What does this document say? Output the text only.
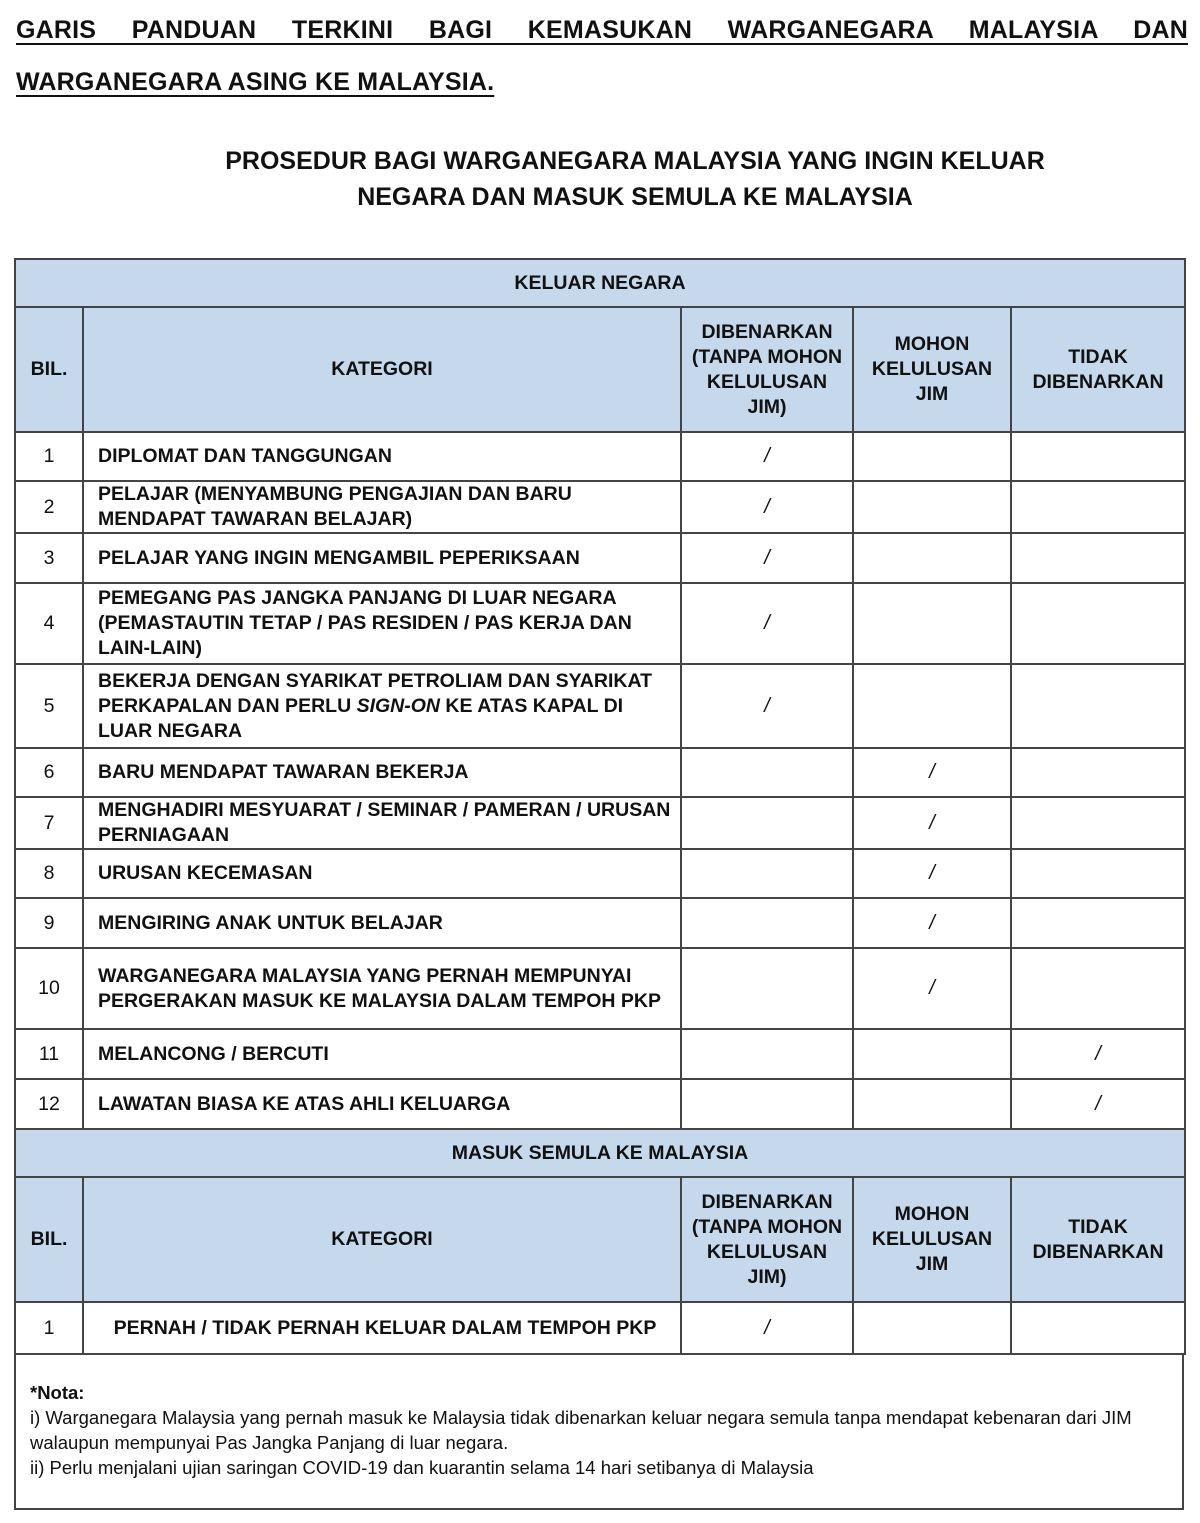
GARIS PANDUAN TERKINI BAGI KEMASUKAN WARGANEGARA MALAYSIA DAN
WARGANEGARA ASING KE MALAYSIA.
PROSEDUR BAGI WARGANEGARA MALAYSIA YANG INGIN KELUAR
NEGARA DAN MASUK SEMULA KE MALAYSIA
KELUAR NEGARA				
BIL.	KATEGORI	DIBENARKAN (TANPA MOHON KELULUSAN JIM)	MOHON KELULUSAN JIM	TIDAK DIBENARKAN
1	DIPLOMAT DAN TANGGUNGAN	/		
2	PELAJAR (MENYAMBUNG PENGAJIAN DAN BARU MENDAPAT TAWARAN BELAJAR)	/		
3	PELAJAR YANG INGIN MENGAMBIL PEPERIKSAAN	/		
4	PEMEGANG PAS JANGKA PANJANG DI LUAR NEGARA (PEMASTAUTIN TETAP / PAS RESIDEN / PAS KERJA DAN LAIN-LAIN)	/		
5	BEKERJA DENGAN SYARIKAT PETROLIAM DAN SYARIKAT PERKAPALAN DAN PERLU SIGN-ON KE ATAS KAPAL DI LUAR NEGARA	/		
6	BARU MENDAPAT TAWARAN BEKERJA		/	
7	MENGHADIRI MESYUARAT / SEMINAR / PAMERAN / URUSAN PERNIAGAAN		/	
8	URUSAN KECEMASAN		/	
9	MENGIRING ANAK UNTUK BELAJAR		/	
10	WARGANEGARA MALAYSIA YANG PERNAH MEMPUNYAI PERGERAKAN MASUK KE MALAYSIA DALAM TEMPOH PKP		/	
11	MELANCONG / BERCUTI			/
12	LAWATAN BIASA KE ATAS AHLI KELUARGA			/
MASUK SEMULA KE MALAYSIA				
BIL.	KATEGORI	DIBENARKAN (TANPA MOHON KELULUSAN JIM)	MOHON KELULUSAN JIM	TIDAK DIBENARKAN
1	PERNAH / TIDAK PERNAH KELUAR DALAM TEMPOH PKP	/		
*Nota:

i) Warganegara Malaysia yang pernah masuk ke Malaysia tidak dibenarkan keluar negara semula tanpa mendapat kebenaran dari JIM walaupun mempunyai Pas Jangka Panjang di luar negara.

ii) Perlu menjalani ujian saringan COVID-19 dan kuarantin selama 14 hari setibanya di Malaysia
